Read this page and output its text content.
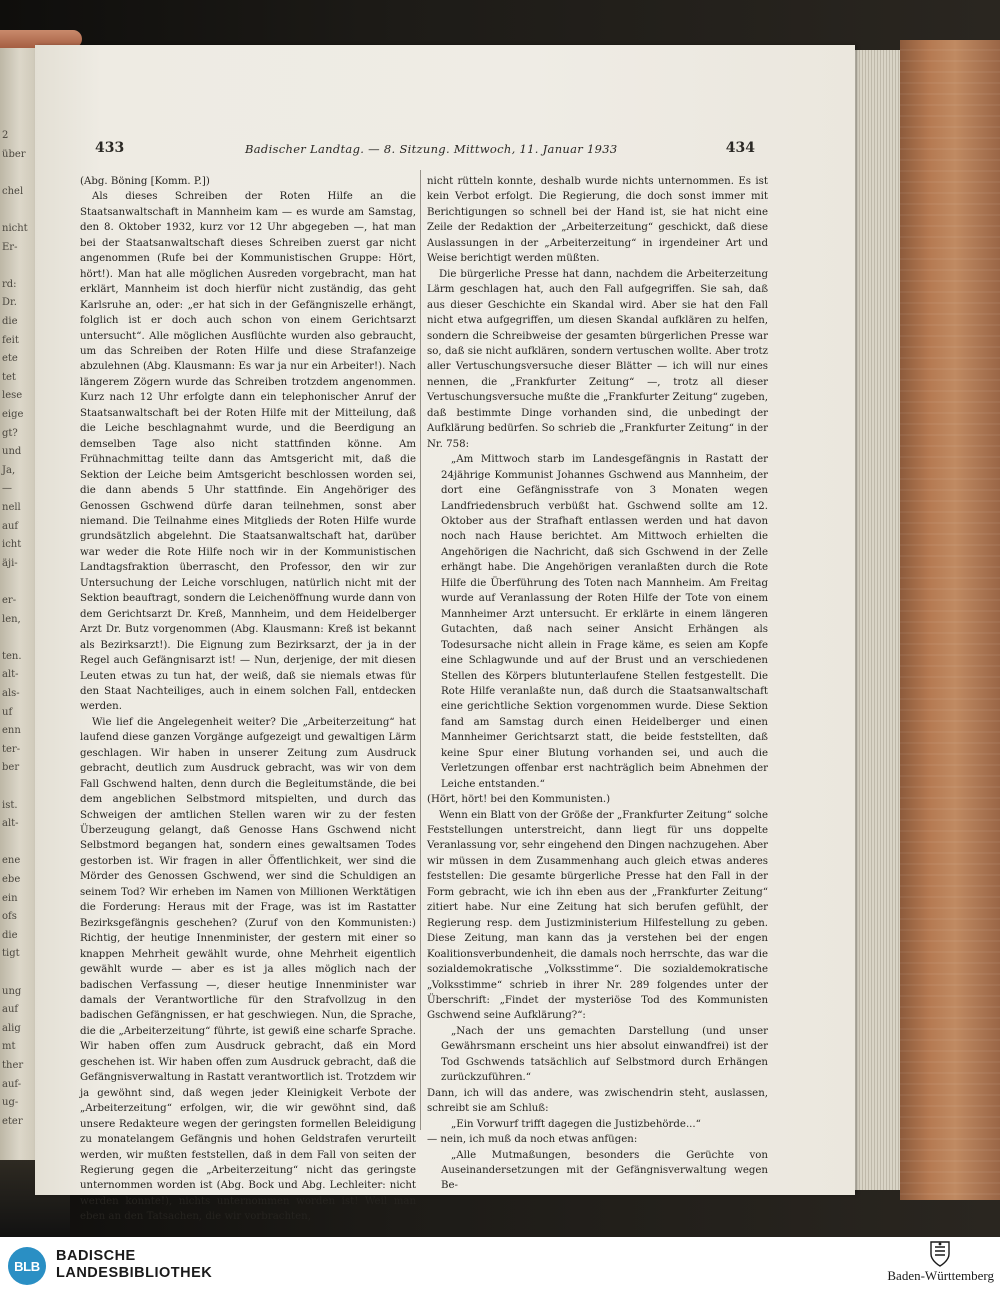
2
über
chel
nicht
Er-
rd:
Dr.
die
feit
ete
tet
lese
eige
gt?
und
Ja,
—
nell
auf
icht
äji-
er-
len,
ten.
alt-
als-
uf
enn
ter-
ber
ist.
alt-
ene
ebe
ein
ofs
die
tigt
ung
auf
alig
mt
ther
auf-
ug-
eter
433	Badischer Landtag. — 8. Sitzung. Mittwoch, 11. Januar 1933	434

(Abg. Böning [Komm. P.])

Als dieses Schreiben der Roten Hilfe an die Staatsanwaltschaft in Mannheim kam — es wurde am Samstag, den 8. Oktober 1932, kurz vor 12 Uhr abgegeben —, hat man bei der Staatsanwaltschaft dieses Schreiben zuerst gar nicht angenommen (Rufe bei der Kommunistischen Gruppe: Hört, hört!). Man hat alle möglichen Ausreden vorgebracht, man hat erklärt, Mannheim ist doch hierfür nicht zuständig, das geht Karlsruhe an, oder: „er hat sich in der Gefängniszelle erhängt, folglich ist er doch auch schon von einem Gerichtsarzt untersucht“. Alle möglichen Ausflüchte wurden also gebraucht, um das Schreiben der Roten Hilfe und diese Strafanzeige abzulehnen (Abg. Klausmann: Es war ja nur ein Arbeiter!). Nach längerem Zögern wurde das Schreiben trotzdem angenommen. Kurz nach 12 Uhr erfolgte dann ein telephonischer Anruf der Staatsanwaltschaft bei der Roten Hilfe mit der Mitteilung, daß die Leiche beschlagnahmt wurde, und die Beerdigung an demselben Tage also nicht stattfinden könne. Am Frühnachmittag teilte dann das Amtsgericht mit, daß die Sektion der Leiche beim Amtsgericht beschlossen worden sei, die dann abends 5 Uhr stattfinde. Ein Angehöriger des Genossen Gschwend dürfe daran teilnehmen, sonst aber niemand. Die Teilnahme eines Mitglieds der Roten Hilfe wurde grundsätzlich abgelehnt. Die Staatsanwaltschaft hat, darüber war weder die Rote Hilfe noch wir in der Kommunistischen Landtagsfraktion überrascht, den Professor, den wir zur Untersuchung der Leiche vorschlugen, natürlich nicht mit der Sektion beauftragt, sondern die Leichenöffnung wurde dann von dem Gerichtsarzt Dr. Kreß, Mannheim, und dem Heidelberger Arzt Dr. Butz vorgenommen (Abg. Klausmann: Kreß ist bekannt als Bezirksarzt!). Die Eignung zum Bezirksarzt, der ja in der Regel auch Gefängnisarzt ist! — Nun, derjenige, der mit diesen Leuten etwas zu tun hat, der weiß, daß sie niemals etwas für den Staat Nachteiliges, auch in einem solchen Fall, entdecken werden.

Wie lief die Angelegenheit weiter? Die „Arbeiterzeitung“ hat laufend diese ganzen Vorgänge aufgezeigt und gewaltigen Lärm geschlagen. Wir haben in unserer Zeitung zum Ausdruck gebracht, deutlich zum Ausdruck gebracht, was wir von dem Fall Gschwend halten, denn durch die Begleitumstände, die bei dem angeblichen Selbstmord mitspielten, und durch das Schweigen der amtlichen Stellen waren wir zu der festen Überzeugung gelangt, daß Genosse Hans Gschwend nicht Selbstmord begangen hat, sondern eines gewaltsamen Todes gestorben ist. Wir fragen in aller Öffentlichkeit, wer sind die Mörder des Genossen Gschwend, wer sind die Schuldigen an seinem Tod? Wir erheben im Namen von Millionen Werktätigen die Forderung: Heraus mit der Frage, was ist im Rastatter Bezirksgefängnis geschehen? (Zuruf von den Kommunisten:) Richtig, der heutige Innenminister, der gestern mit einer so knappen Mehrheit gewählt wurde, ohne Mehrheit eigentlich gewählt wurde — aber es ist ja alles möglich nach der badischen Verfassung —, dieser heutige Innenminister war damals der Verantwortliche für den Strafvollzug in den badischen Gefängnissen, er hat geschwiegen. Nun, die Sprache, die die „Arbeiterzeitung“ führte, ist gewiß eine scharfe Sprache. Wir haben offen zum Ausdruck gebracht, daß ein Mord geschehen ist. Wir haben offen zum Ausdruck gebracht, daß die Gefängnisverwaltung in Rastatt verantwortlich ist. Trotzdem wir ja gewöhnt sind, daß wegen jeder Kleinigkeit Verbote der „Arbeiterzeitung“ erfolgen, wir, die wir gewöhnt sind, daß unsere Redakteure wegen der geringsten formellen Beleidigung zu monatelangem Gefängnis und hohen Geldstrafen verurteilt werden, wir mußten feststellen, daß in dem Fall von seiten der Regierung gegen die „Arbeiterzeitung“ nicht das geringste unternommen worden ist (Abg. Bock und Abg. Lechleiter: nicht werden konnte!), nichts unternommen worden ist! Weil man eben an den Tatsachen, die wir vorbrachten,

nicht rütteln konnte, deshalb wurde nichts unternommen. Es ist kein Verbot erfolgt. Die Regierung, die doch sonst immer mit Berichtigungen so schnell bei der Hand ist, sie hat nicht eine Zeile der Redaktion der „Arbeiterzeitung“ geschickt, daß diese Auslassungen in der „Arbeiterzeitung“ in irgendeiner Art und Weise berichtigt werden müßten.

Die bürgerliche Presse hat dann, nachdem die Arbeiterzeitung Lärm geschlagen hat, auch den Fall aufgegriffen. Sie sah, daß aus dieser Geschichte ein Skandal wird. Aber sie hat den Fall nicht etwa aufgegriffen, um diesen Skandal aufklären zu helfen, sondern die Schreibweise der gesamten bürgerlichen Presse war so, daß sie nicht aufklären, sondern vertuschen wollte. Aber trotz aller Vertuschungsversuche dieser Blätter — ich will nur eines nennen, die „Frankfurter Zeitung“ —, trotz all dieser Vertuschungsversuche mußte die „Frankfurter Zeitung“ zugeben, daß bestimmte Dinge vorhanden sind, die unbedingt der Aufklärung bedürfen. So schrieb die „Frankfurter Zeitung“ in der Nr. 758:

„Am Mittwoch starb im Landesgefängnis in Rastatt der 24jährige Kommunist Johannes Gschwend aus Mannheim, der dort eine Gefängnisstrafe von 3 Monaten wegen Landfriedensbruch verbüßt hat. Gschwend sollte am 12. Oktober aus der Strafhaft entlassen werden und hat davon noch nach Hause berichtet. Am Mittwoch erhielten die Angehörigen die Nachricht, daß sich Gschwend in der Zelle erhängt habe. Die Angehörigen veranlaßten durch die Rote Hilfe die Überführung des Toten nach Mannheim. Am Freitag wurde auf Veranlassung der Roten Hilfe der Tote von einem Mannheimer Arzt untersucht. Er erklärte in einem längeren Gutachten, daß nach seiner Ansicht Erhängen als Todesursache nicht allein in Frage käme, es seien am Kopfe eine Schlagwunde und auf der Brust und an verschiedenen Stellen des Körpers blutunterlaufene Stellen festgestellt. Die Rote Hilfe veranlaßte nun, daß durch die Staatsanwaltschaft eine gerichtliche Sektion vorgenommen wurde. Diese Sektion fand am Samstag durch einen Heidelberger und einen Mannheimer Gerichtsarzt statt, die beide feststellten, daß keine Spur einer Blutung vorhanden sei, und auch die Verletzungen offenbar erst nachträglich beim Abnehmen der Leiche entstanden.“

(Hört, hört! bei den Kommunisten.)

Wenn ein Blatt von der Größe der „Frankfurter Zeitung“ solche Feststellungen unterstreicht, dann liegt für uns doppelte Veranlassung vor, sehr eingehend den Dingen nachzugehen. Aber wir müssen in dem Zusammenhang auch gleich etwas anderes feststellen: Die gesamte bürgerliche Presse hat den Fall in der Form gebracht, wie ich ihn eben aus der „Frankfurter Zeitung“ zitiert habe. Nur eine Zeitung hat sich berufen gefühlt, der Regierung resp. dem Justizministerium Hilfestellung zu geben. Diese Zeitung, man kann das ja verstehen bei der engen Koalitionsverbundenheit, die damals noch herrschte, das war die sozialdemokratische „Volksstimme“. Die sozialdemokratische „Volksstimme“ schrieb in ihrer Nr. 289 folgendes unter der Überschrift: „Findet der mysteriöse Tod des Kommunisten Gschwend seine Aufklärung?“:

„Nach der uns gemachten Darstellung (und unser Gewährsmann erscheint uns hier absolut einwandfrei) ist der Tod Gschwends tatsächlich auf Selbstmord durch Erhängen zurückzuführen.“

Dann, ich will das andere, was zwischendrin steht, auslassen, schreibt sie am Schluß:

„Ein Vorwurf trifft dagegen die Justizbehörde...“

— nein, ich muß da noch etwas anfügen:

„Alle Mutmaßungen, besonders die Gerüchte von Auseinandersetzungen mit der Gefängnisverwaltung wegen Be-

BLB
BADISCHE
LANDESBIBLIOTHEK	Baden-Württemberg
